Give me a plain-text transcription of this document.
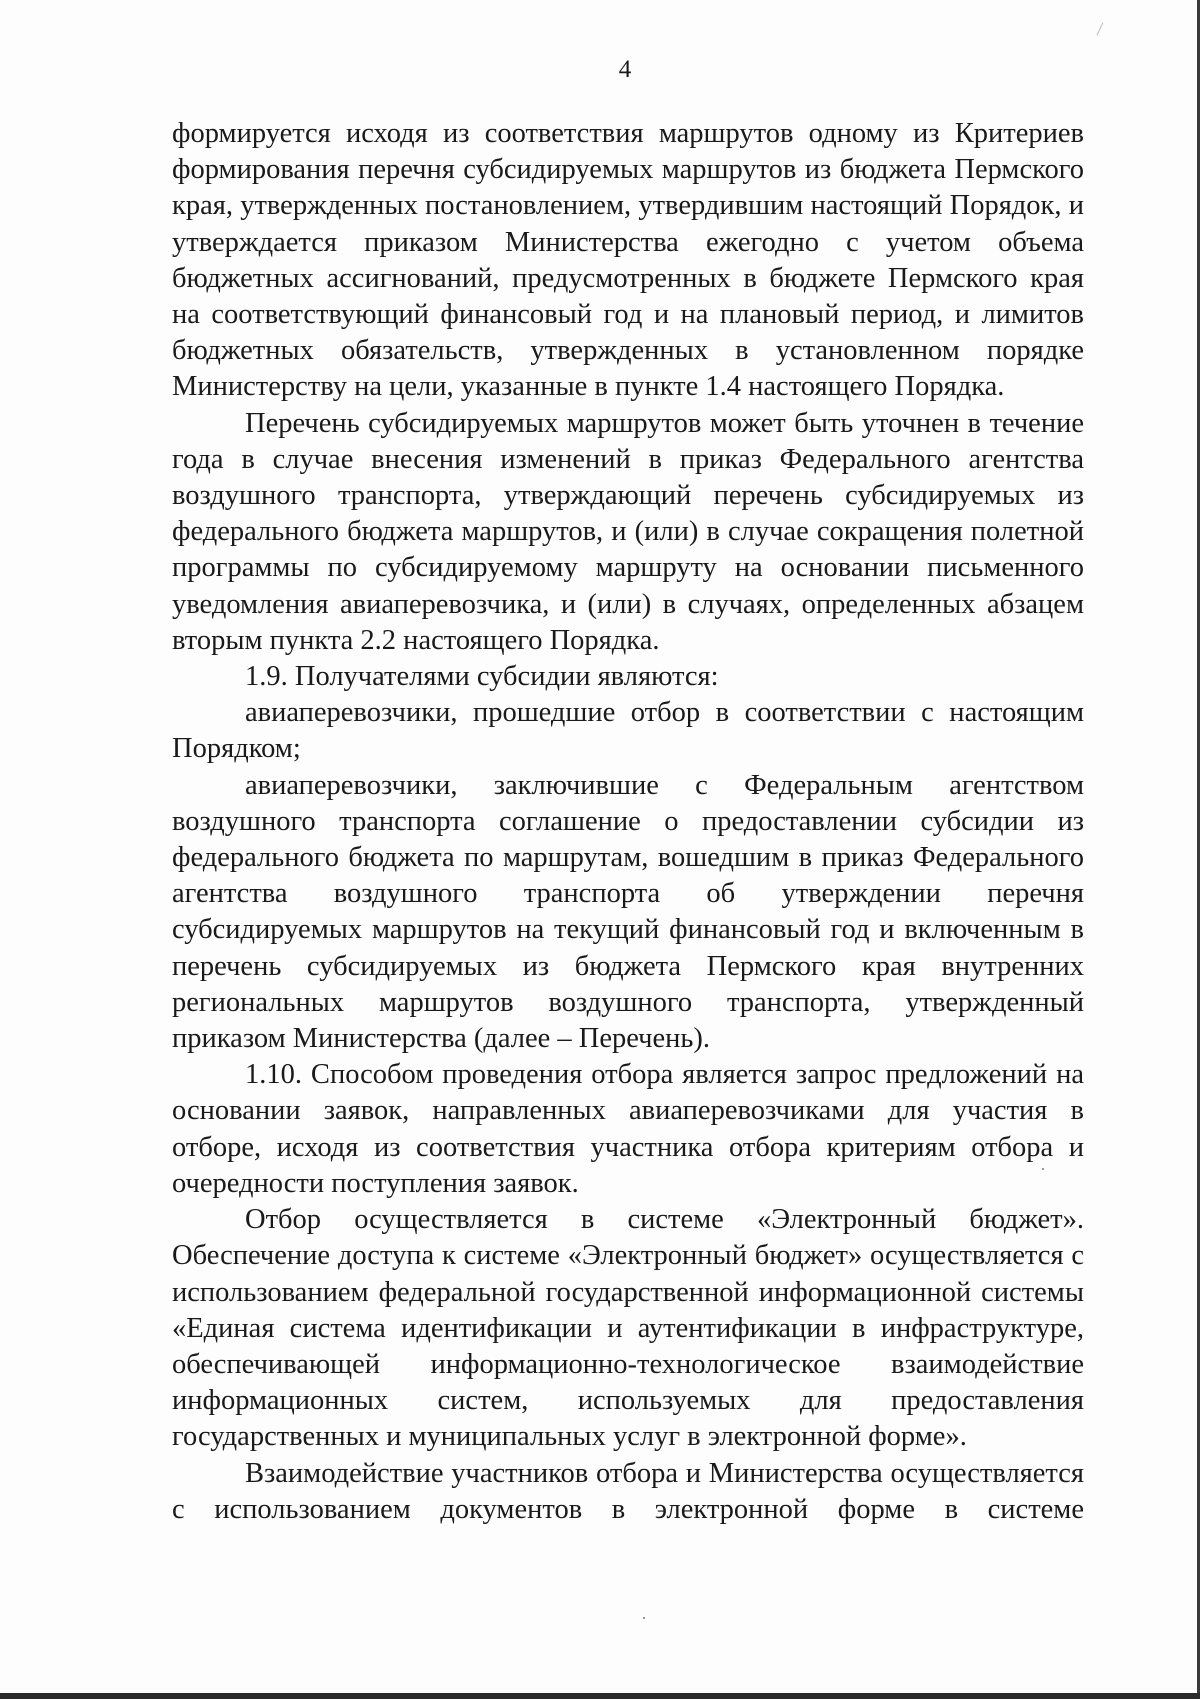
4

формируется исходя из соответствия маршрутов одному из Критериев формирования перечня субсидируемых маршрутов из бюджета Пермского края, утвержденных постановлением, утвердившим настоящий Порядок, и утверждается приказом Министерства ежегодно с учетом объема бюджетных ассигнований, предусмотренных в бюджете Пермского края на соответствующий финансовый год и на плановый период, и лимитов бюджетных обязательств, утвержденных в установленном порядке Министерству на цели, указанные в пункте 1.4 настоящего Порядка.

Перечень субсидируемых маршрутов может быть уточнен в течение года в случае внесения изменений в приказ Федерального агентства воздушного транспорта, утверждающий перечень субсидируемых из федерального бюджета маршрутов, и (или) в случае сокращения полетной программы по субсидируемому маршруту на основании письменного уведомления авиаперевозчика, и (или) в случаях, определенных абзацем вторым пункта 2.2 настоящего Порядка.

1.9. Получателями субсидии являются:

авиаперевозчики, прошедшие отбор в соответствии с настоящим Порядком;

авиаперевозчики, заключившие с Федеральным агентством воздушного транспорта соглашение о предоставлении субсидии из федерального бюджета по маршрутам, вошедшим в приказ Федерального агентства воздушного транспорта об утверждении перечня субсидируемых маршрутов на текущий финансовый год и включенным в перечень субсидируемых из бюджета Пермского края внутренних региональных маршрутов воздушного транспорта, утвержденный приказом Министерства (далее – Перечень).

1.10. Способом проведения отбора является запрос предложений на основании заявок, направленных авиаперевозчиками для участия в отборе, исходя из соответствия участника отбора критериям отбора и очередности поступления заявок.

Отбор осуществляется в системе «Электронный бюджет». Обеспечение доступа к системе «Электронный бюджет» осуществляется с использованием федеральной государственной информационной системы «Единая система идентификации и аутентификации в инфраструктуре, обеспечивающей информационно-технологическое взаимодействие информационных систем, используемых для предоставления государственных и муниципальных услуг в электронной форме».

Взаимодействие участников отбора и Министерства осуществляется с использованием документов в электронной форме в системе
